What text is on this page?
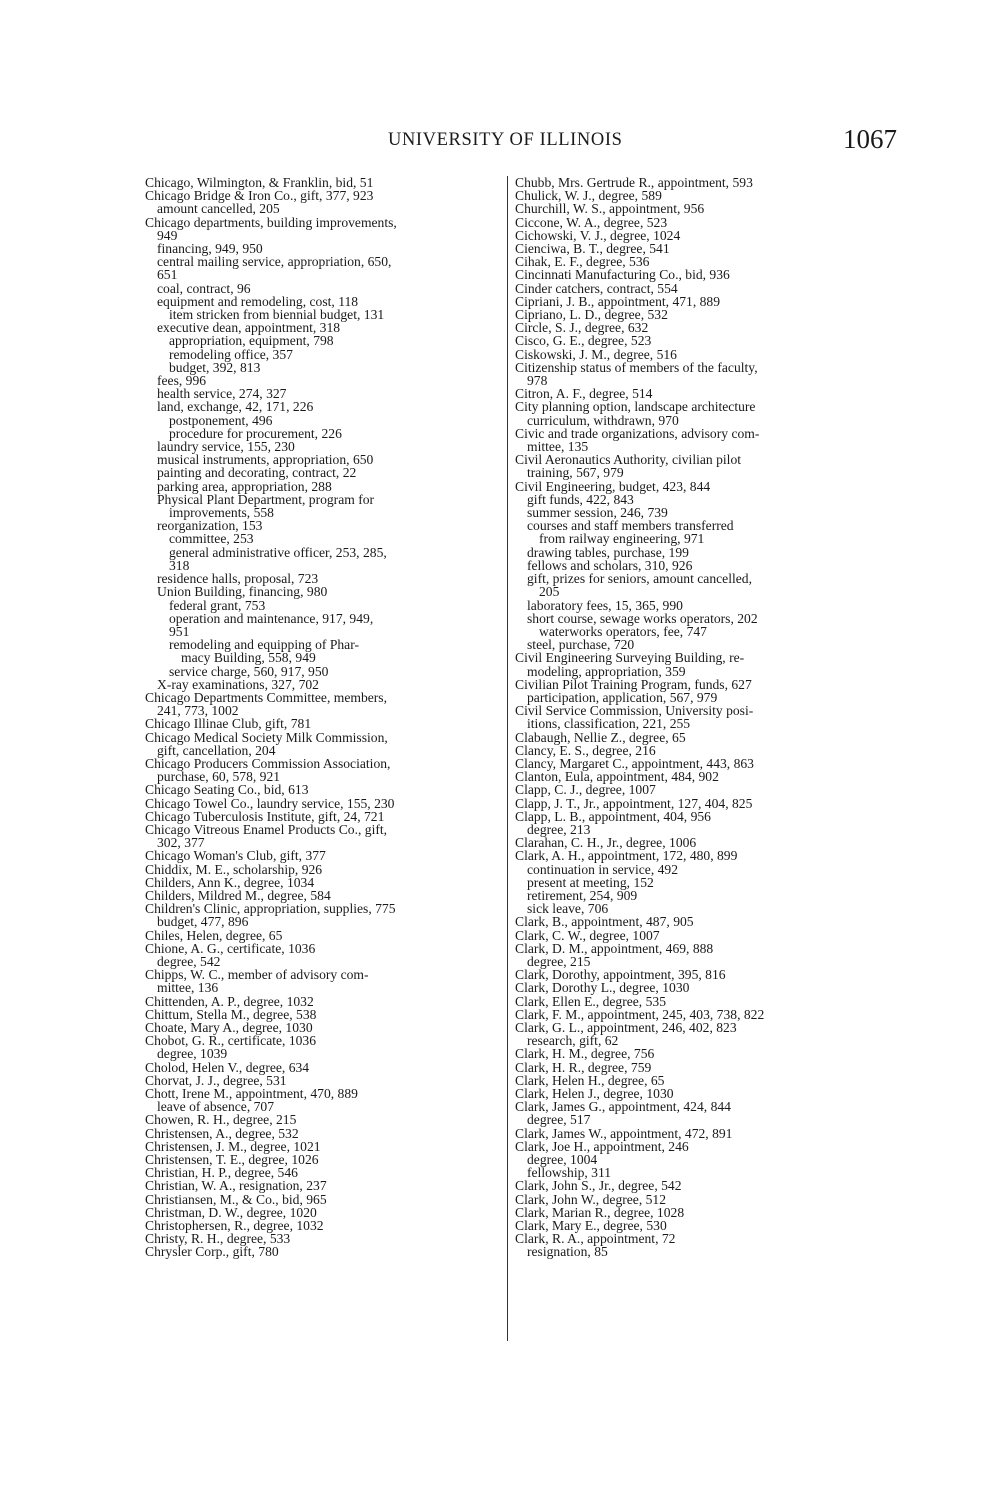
UNIVERSITY OF ILLINOIS	1067
Chicago, Wilmington, & Franklin, bid, 51
Chicago Bridge & Iron Co., gift, 377, 923
amount cancelled, 205
Chicago departments, building improvements,
949
financing, 949, 950
central mailing service, appropriation, 650,
651
coal, contract, 96
equipment and remodeling, cost, 118
item stricken from biennial budget, 131
executive dean, appointment, 318
appropriation, equipment, 798
remodeling office, 357
budget, 392, 813
fees, 996
health service, 274, 327
land, exchange, 42, 171, 226
postponement, 496
procedure for procurement, 226
laundry service, 155, 230
musical instruments, appropriation, 650
painting and decorating, contract, 22
parking area, appropriation, 288
Physical Plant Department, program for
improvements, 558
reorganization, 153
committee, 253
general administrative officer, 253, 285,
318
residence halls, proposal, 723
Union Building, financing, 980
federal grant, 753
operation and maintenance, 917, 949,
951
remodeling and equipping of Phar-
macy Building, 558, 949
service charge, 560, 917, 950
X-ray examinations, 327, 702
Chicago Departments Committee, members,
241, 773, 1002
Chicago Illinae Club, gift, 781
Chicago Medical Society Milk Commission,
gift, cancellation, 204
Chicago Producers Commission Association,
purchase, 60, 578, 921
Chicago Seating Co., bid, 613
Chicago Towel Co., laundry service, 155, 230
Chicago Tuberculosis Institute, gift, 24, 721
Chicago Vitreous Enamel Products Co., gift,
302, 377
Chicago Woman's Club, gift, 377
Chiddix, M. E., scholarship, 926
Childers, Ann K., degree, 1034
Childers, Mildred M., degree, 584
Children's Clinic, appropriation, supplies, 775
budget, 477, 896
Chiles, Helen, degree, 65
Chione, A. G., certificate, 1036
degree, 542
Chipps, W. C., member of advisory com-
mittee, 136
Chittenden, A. P., degree, 1032
Chittum, Stella M., degree, 538
Choate, Mary A., degree, 1030
Chobot, G. R., certificate, 1036
degree, 1039
Cholod, Helen V., degree, 634
Chorvat, J. J., degree, 531
Chott, Irene M., appointment, 470, 889
leave of absence, 707
Chowen, R. H., degree, 215
Christensen, A., degree, 532
Christensen, J. M., degree, 1021
Christensen, T. E., degree, 1026
Christian, H. P., degree, 546
Christian, W. A., resignation, 237
Christiansen, M., & Co., bid, 965
Christman, D. W., degree, 1020
Christophersen, R., degree, 1032
Christy, R. H., degree, 533
Chrysler Corp., gift, 780
Chubb, Mrs. Gertrude R., appointment, 593
Chulick, W. J., degree, 589
Churchill, W. S., appointment, 956
Ciccone, W. A., degree, 523
Cichowski, V. J., degree, 1024
Cienciwa, B. T., degree, 541
Cihak, E. F., degree, 536
Cincinnati Manufacturing Co., bid, 936
Cinder catchers, contract, 554
Cipriani, J. B., appointment, 471, 889
Cipriano, L. D., degree, 532
Circle, S. J., degree, 632
Cisco, G. E., degree, 523
Ciskowski, J. M., degree, 516
Citizenship status of members of the faculty,
978
Citron, A. F., degree, 514
City planning option, landscape architecture
curriculum, withdrawn, 970
Civic and trade organizations, advisory com-
mittee, 135
Civil Aeronautics Authority, civilian pilot
training, 567, 979
Civil Engineering, budget, 423, 844
gift funds, 422, 843
summer session, 246, 739
courses and staff members transferred
from railway engineering, 971
drawing tables, purchase, 199
fellows and scholars, 310, 926
gift, prizes for seniors, amount cancelled,
205
laboratory fees, 15, 365, 990
short course, sewage works operators, 202
waterworks operators, fee, 747
steel, purchase, 720
Civil Engineering Surveying Building, re-
modeling, appropriation, 359
Civilian Pilot Training Program, funds, 627
participation, application, 567, 979
Civil Service Commission, University posi-
itions, classification, 221, 255
Clabaugh, Nellie Z., degree, 65
Clancy, E. S., degree, 216
Clancy, Margaret C., appointment, 443, 863
Clanton, Eula, appointment, 484, 902
Clapp, C. J., degree, 1007
Clapp, J. T., Jr., appointment, 127, 404, 825
Clapp, L. B., appointment, 404, 956
degree, 213
Clarahan, C. H., Jr., degree, 1006
Clark, A. H., appointment, 172, 480, 899
continuation in service, 492
present at meeting, 152
retirement, 254, 909
sick leave, 706
Clark, B., appointment, 487, 905
Clark, C. W., degree, 1007
Clark, D. M., appointment, 469, 888
degree, 215
Clark, Dorothy, appointment, 395, 816
Clark, Dorothy L., degree, 1030
Clark, Ellen E., degree, 535
Clark, F. M., appointment, 245, 403, 738, 822
Clark, G. L., appointment, 246, 402, 823
research, gift, 62
Clark, H. M., degree, 756
Clark, H. R., degree, 759
Clark, Helen H., degree, 65
Clark, Helen J., degree, 1030
Clark, James G., appointment, 424, 844
degree, 517
Clark, James W., appointment, 472, 891
Clark, Joe H., appointment, 246
degree, 1004
fellowship, 311
Clark, John S., Jr., degree, 542
Clark, John W., degree, 512
Clark, Marian R., degree, 1028
Clark, Mary E., degree, 530
Clark, R. A., appointment, 72
resignation, 85
